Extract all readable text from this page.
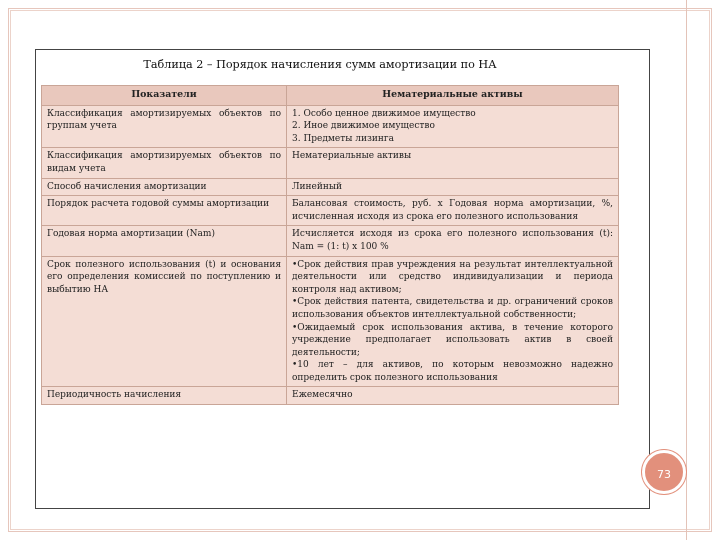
Таблица 2 – Порядок начисления сумм амортизации по НА
Показатели	Нематериальные активы
Классификация амортизируемых объектов по группам учета	1. Особо ценное движимое имущество
2. Иное движимое имущество
3. Предметы лизинга

Классификация амортизируемых объектов по видам учета	Нематериальные активы
Способ начисления амортизации	Линейный
Порядок расчета годовой суммы амортизации	Балансовая стоимость, руб. х Годовая норма амортизации, %, исчисленная исходя из срока его полезного использования
Годовая норма амортизации (Nam)	Исчисляется исходя из срока его полезного использования (t): Nam = (1: t) х 100 %
Срок полезного использования (t) и основания его определения комиссией по поступлению и выбытию НА	•Срок действия прав учреждения на результат интеллектуальной деятельности или средство индивидуализации и периода контроля над активом;
•Срок действия патента, свидетельства и др. ограничений сроков использования объектов интеллектуальной собственности;
•Ожидаемый срок использования актива, в течение которого учреждение предполагает использовать актив в своей деятельности;
•10 лет – для активов, по которым невозможно надежно определить срок полезного использования

Периодичность начисления	Ежемесячно
73
